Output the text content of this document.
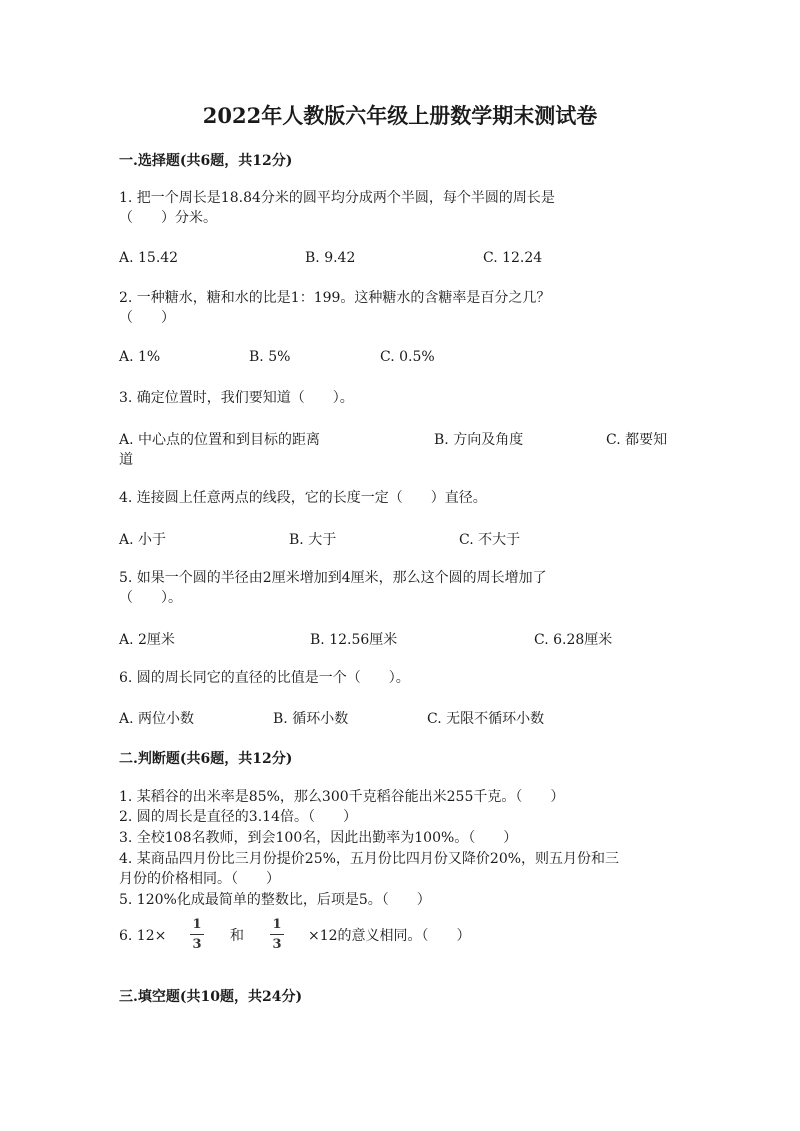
2022年人教版六年级上册数学期末测试卷
一.选择题(共6题，共12分)
1. 把一个周长是18.84分米的圆平均分成两个半圆，每个半圆的周长是
（　　）分米。
A. 15.42	B. 9.42	C. 12.24
2. 一种糖水，糖和水的比是1：199。这种糖水的含糖率是百分之几？
（　　）
A. 1%	B. 5%	C. 0.5%
3. 确定位置时，我们要知道（　　）。
A. 中心点的位置和到目标的距离	B. 方向及角度	C. 都要知
道
4. 连接圆上任意两点的线段，它的长度一定（　　）直径。
A. 小于	B. 大于	C. 不大于
5. 如果一个圆的半径由2厘米增加到4厘米，那么这个圆的周长增加了
（　　）。
A. 2厘米	B. 12.56厘米	C. 6.28厘米
6. 圆的周长同它的直径的比值是一个（　　）。
A. 两位小数	B. 循环小数	C. 无限不循环小数
二.判断题(共6题，共12分)
1. 某稻谷的出米率是85%，那么300千克稻谷能出米255千克。（　　）
2. 圆的周长是直径的3.14倍。（　　）
3. 全校108名教师，到会100名，因此出勤率为100%。（　　）
4. 某商品四月份比三月份提价25%，五月份比四月份又降价20%，则五月份和三
月份的价格相同。（　　）
5. 120%化成最简单的整数比，后项是5。（　　）
6. 12×
1
3
和
1
3
×12的意义相同。（　　）
三.填空题(共10题，共24分)
